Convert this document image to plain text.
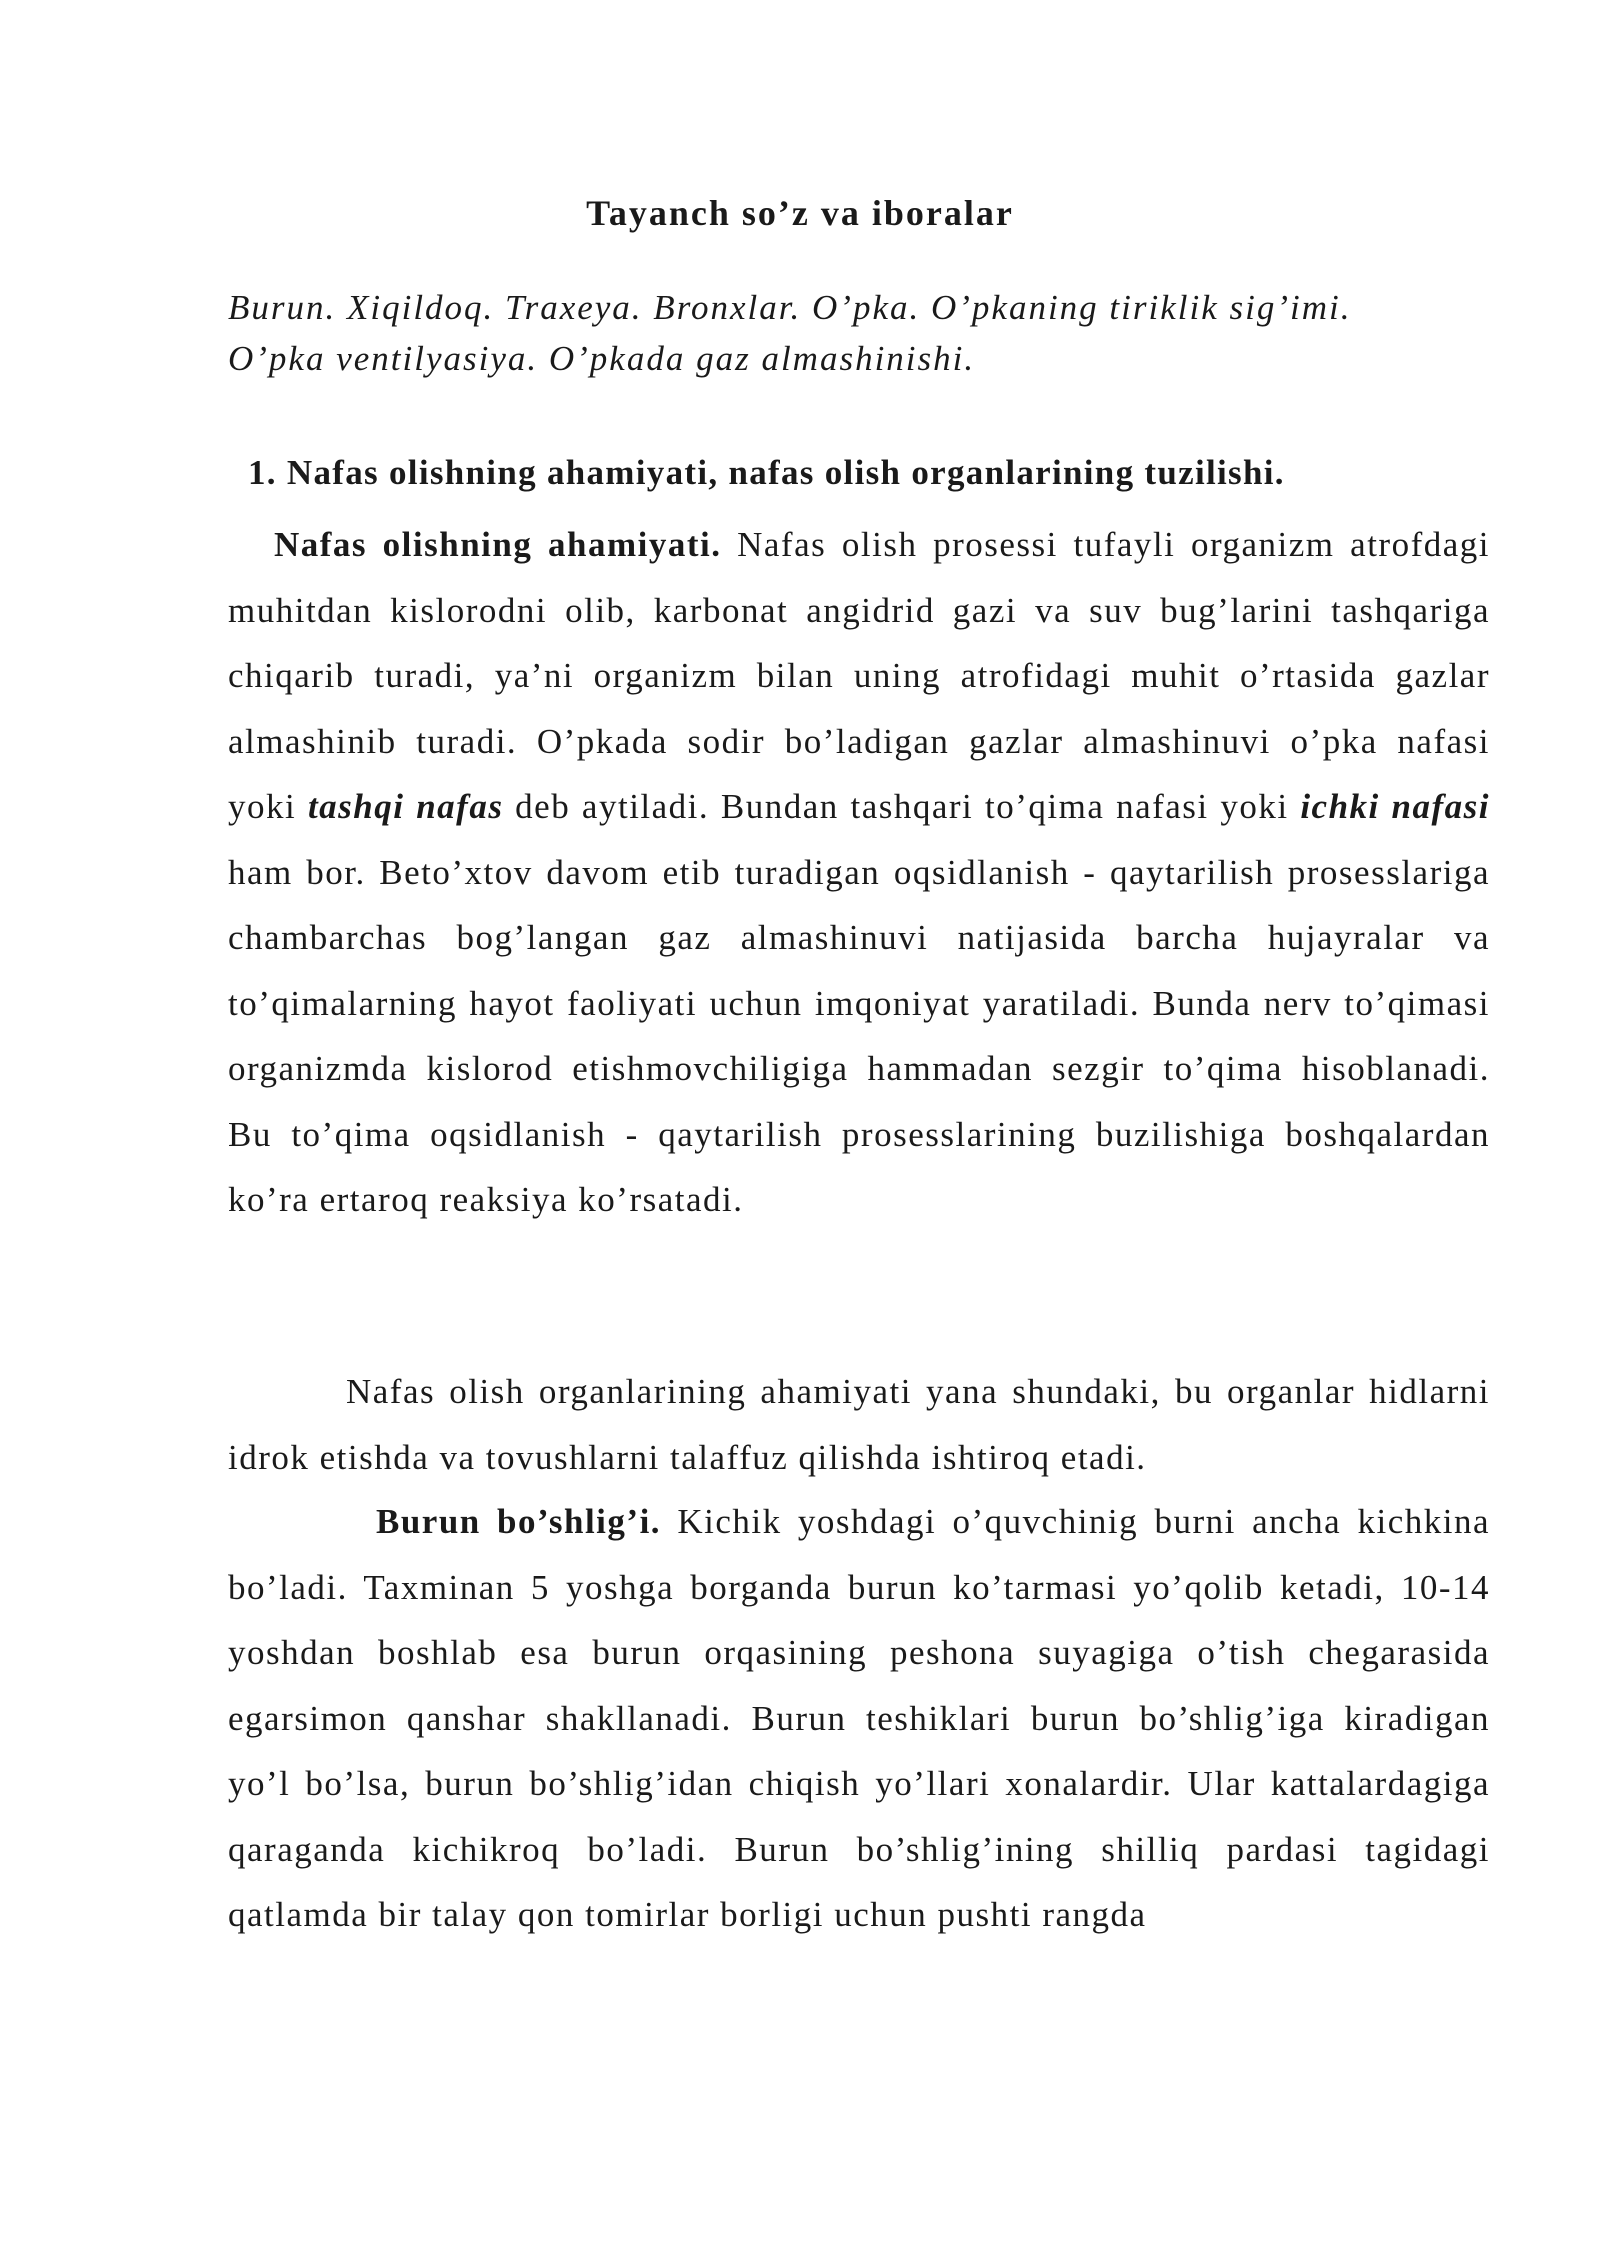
Tayanch so’z va iboralar

Burun. Xiqildoq. Traxeya. Bronxlar. O’pka. O’pkaning tiriklik sig’imi.
O’pka ventilyasiya. O’pkada gaz almashinishi.

1. Nafas olishning ahamiyati, nafas olish organlarining tuzilishi.

Nafas olishning ahamiyati. Nafas olish prosessi tufayli organizm atrofdagi muhitdan kislorodni olib, karbonat angidrid gazi va suv bug’larini tashqariga chiqarib turadi, ya’ni organizm bilan uning atrofidagi muhit o’rtasida gazlar almashinib turadi. O’pkada sodir bo’ladigan gazlar almashinuvi o’pka nafasi yoki tashqi nafas deb aytiladi. Bundan tashqari to’qima nafasi yoki ichki nafasi ham bor. Beto’xtov davom etib turadigan oqsidlanish - qaytarilish prosesslariga chambarchas bog’langan gaz almashinuvi natijasida barcha hujayralar va to’qimalarning hayot faoliyati uchun imqoniyat yaratiladi. Bunda nerv to’qimasi organizmda kislorod etishmovchiligiga hammadan sezgir to’qima hisoblanadi. Bu to’qima oqsidlanish - qaytarilish prosesslarining buzilishiga boshqalardan ko’ra ertaroq reaksiya ko’rsatadi.

Nafas olish organlarining ahamiyati yana shundaki, bu organlar hidlarni idrok etishda va tovushlarni talaffuz qilishda ishtiroq etadi.

Burun bo’shlig’i. Kichik yoshdagi o’quvchinig burni ancha kichkina bo’ladi. Taxminan 5 yoshga borganda burun ko’tarmasi yo’qolib ketadi, 10-14 yoshdan boshlab esa burun orqasining peshona suyagiga o’tish chegarasida egarsimon qanshar shakllanadi. Burun teshiklari burun bo’shlig’iga kiradigan yo’l bo’lsa, burun bo’shlig’idan chiqish yo’llari xonalardir. Ular kattalardagiga qaraganda kichikroq bo’ladi. Burun bo’shlig’ining shilliq pardasi tagidagi qatlamda bir talay qon tomirlar borligi uchun pushti rangda
